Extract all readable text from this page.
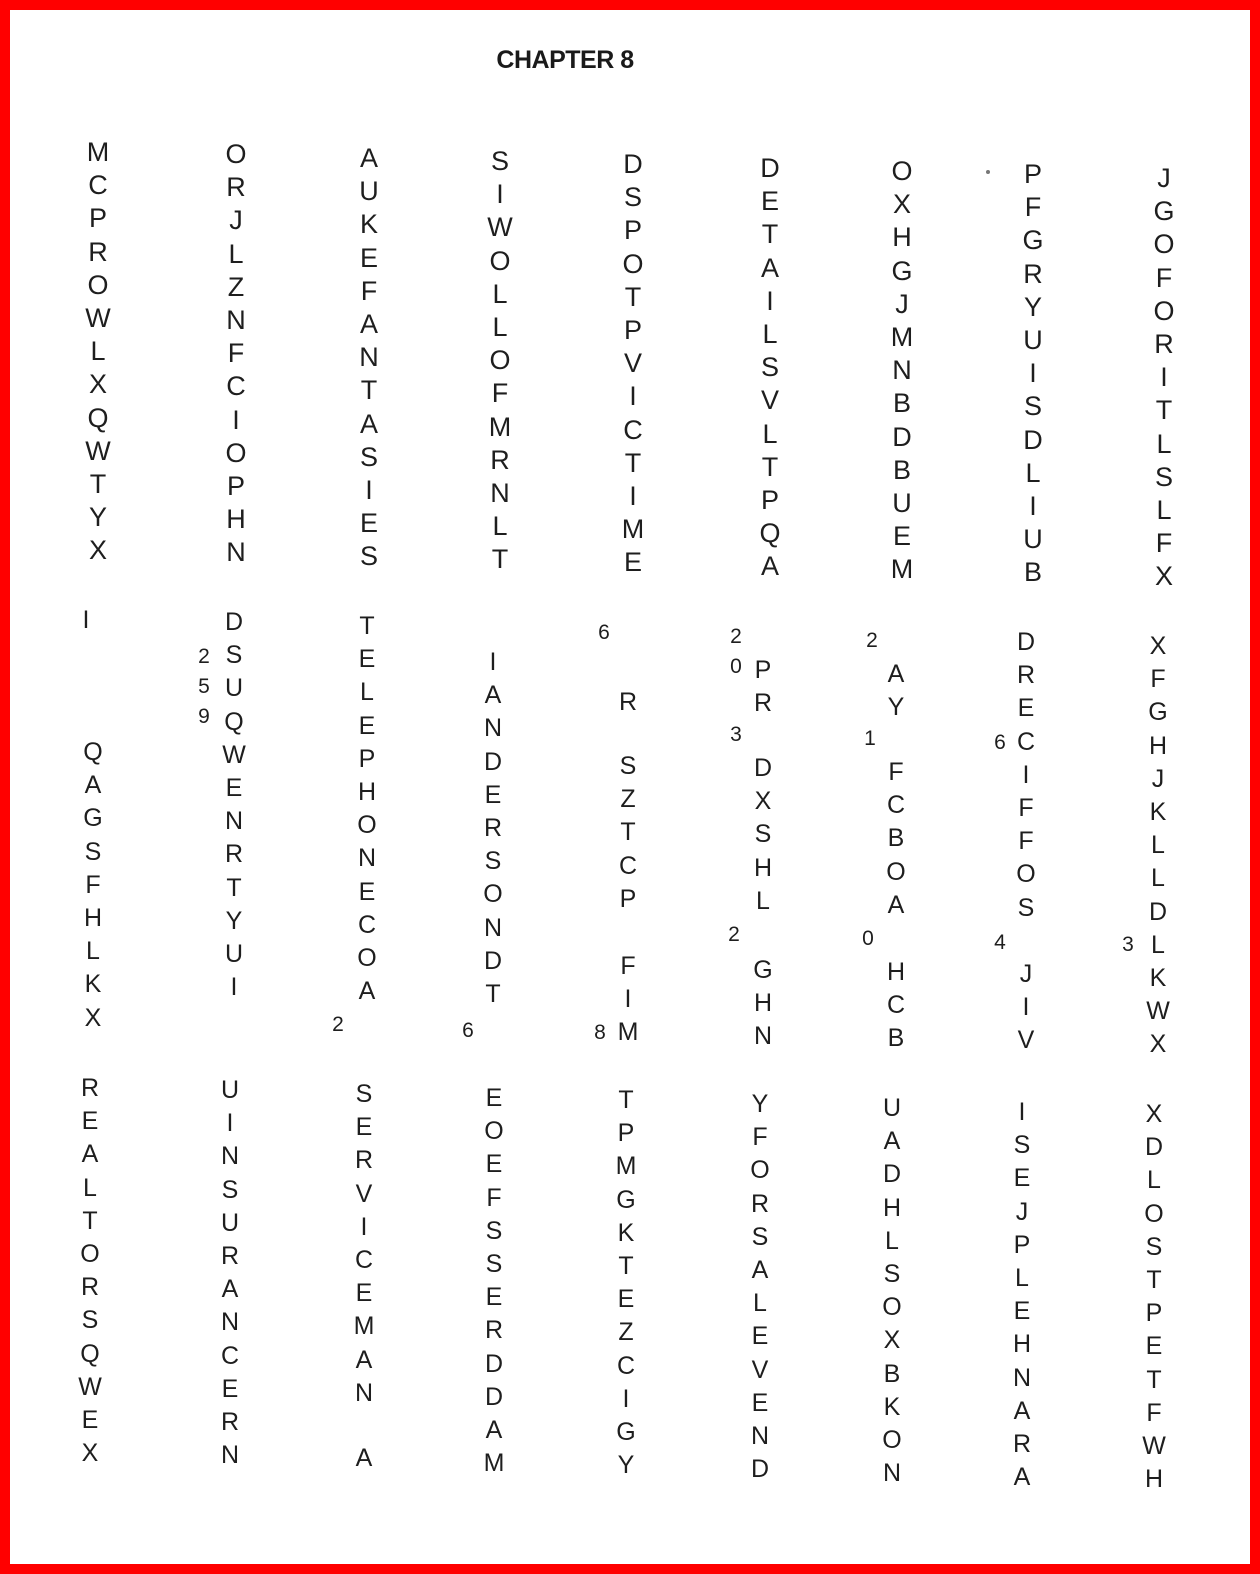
CHAPTER 8
M
C
P
R
O
W
L
X
Q
W
T
Y
X
O
R
J
L
Z
N
F
C
I
O
P
H
N
A
U
K
E
F
A
N
T
A
S
I
E
S
S
I
W
O
L
L
O
F
M
R
N
L
T
D
S
P
O
T
P
V
I
C
T
I
M
E
D
E
T
A
I
L
S
V
L
T
P
Q
A
O
X
H
G
J
M
N
B
D
B
U
E
M
P
F
G
R
Y
U
I
S
D
L
I
U
B
J
G
O
F
O
R
I
T
L
S
L
F
X
I
Q
A
G
S
F
H
L
K
X
2
5
9
D
S
U
Q
W
E
N
R
T
Y
U
I
T
E
L
E
P
H
O
N
E
C
O
A
2
I
A
N
D
E
R
S
O
N
D
T
6
6
R
S
Z
T
C
P
F
I
M
8
2
0 P
R
3
D
X
S
H
L
2
G
H
N
2
A
Y
1
F
C
B
O
A
0
H
C
B
D
R
E
C
I
F
F
O
S
6
4
J
I
V
X
F
G
H
J
K
L
L
D
L
K
W
X
3
R
E
A
L
T
O
R
S
Q
W
E
X
U
I
N
S
U
R
A
N
C
E
R
N
S
E
R
V
I
C
E
M
A
N
A
E
O
E
F
S
S
E
R
D
D
A
M
T
P
M
G
K
T
E
Z
C
I
G
Y
Y
F
O
R
S
A
L
E
V
E
N
D
U
A
D
H
L
S
O
X
B
K
O
N
I
S
E
J
P
L
E
H
N
A
R
A
X
D
L
O
S
T
P
E
T
F
W
H
